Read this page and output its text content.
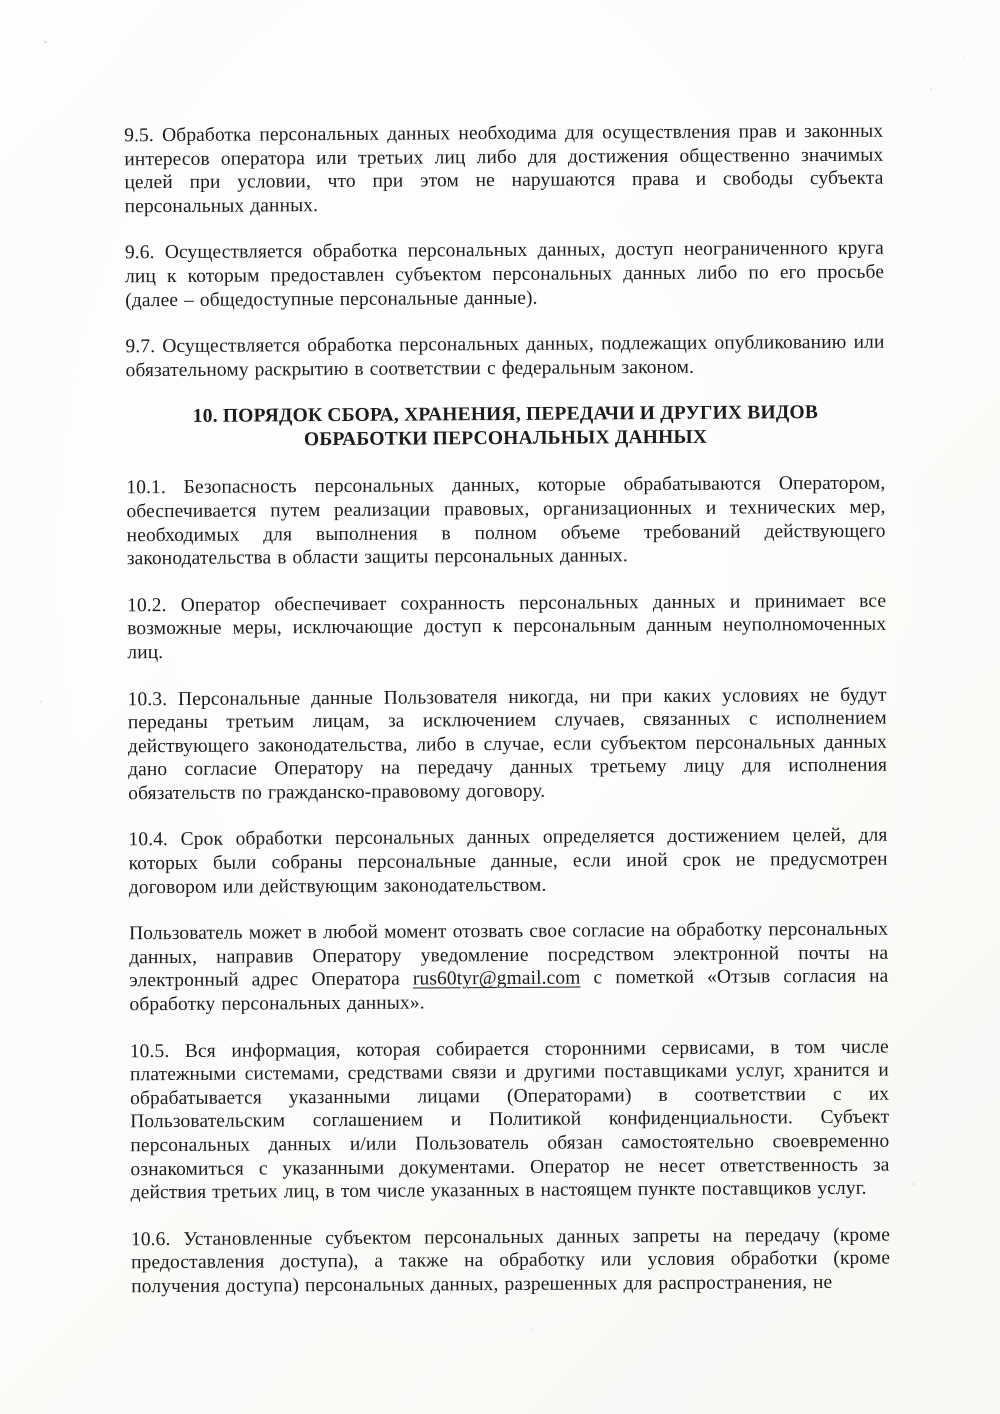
9.5. Обработка персональных данных необходима для осуществления прав и законных интересов оператора или третьих лиц либо для достижения общественно значимых целей при условии, что при этом не нарушаются права и свободы субъекта персональных данных.

9.6. Осуществляется обработка персональных данных, доступ неограниченного круга лиц к которым предоставлен субъектом персональных данных либо по его просьбе (далее – общедоступные персональные данные).

9.7. Осуществляется обработка персональных данных, подлежащих опубликованию или обязательному раскрытию в соответствии с федеральным законом.

10. ПОРЯДОК СБОРА, ХРАНЕНИЯ, ПЕРЕДАЧИ И ДРУГИХ ВИДОВ
ОБРАБОТКИ ПЕРСОНАЛЬНЫХ ДАННЫХ

10.1. Безопасность персональных данных, которые обрабатываются Оператором, обеспечивается путем реализации правовых, организационных и технических мер, необходимых для выполнения в полном объеме требований действующего законодательства в области защиты персональных данных.

10.2. Оператор обеспечивает сохранность персональных данных и принимает все возможные меры, исключающие доступ к персональным данным неуполномоченных лиц.

10.3. Персональные данные Пользователя никогда, ни при каких условиях не будут переданы третьим лицам, за исключением случаев, связанных с исполнением действующего законодательства, либо в случае, если субъектом персональных данных дано согласие Оператору на передачу данных третьему лицу для исполнения обязательств по гражданско-правовому договору.

10.4. Срок обработки персональных данных определяется достижением целей, для которых были собраны персональные данные, если иной срок не предусмотрен договором или действующим законодательством.

Пользователь может в любой момент отозвать свое согласие на обработку персональных данных, направив Оператору уведомление посредством электронной почты на электронный адрес Оператора rus60tyr@gmail.com с пометкой «Отзыв согласия на обработку персональных данных».

10.5. Вся информация, которая собирается сторонними сервисами, в том числе платежными системами, средствами связи и другими поставщиками услуг, хранится и обрабатывается указанными лицами (Операторами) в соответствии с их Пользовательским соглашением и Политикой конфиденциальности. Субъект персональных данных и/или Пользователь обязан самостоятельно своевременно ознакомиться с указанными документами. Оператор не несет ответственность за действия третьих лиц, в том числе указанных в настоящем пункте поставщиков услуг.

10.6. Установленные субъектом персональных данных запреты на передачу (кроме предоставления доступа), а также на обработку или условия обработки (кроме получения доступа) персональных данных, разрешенных для распространения, не
